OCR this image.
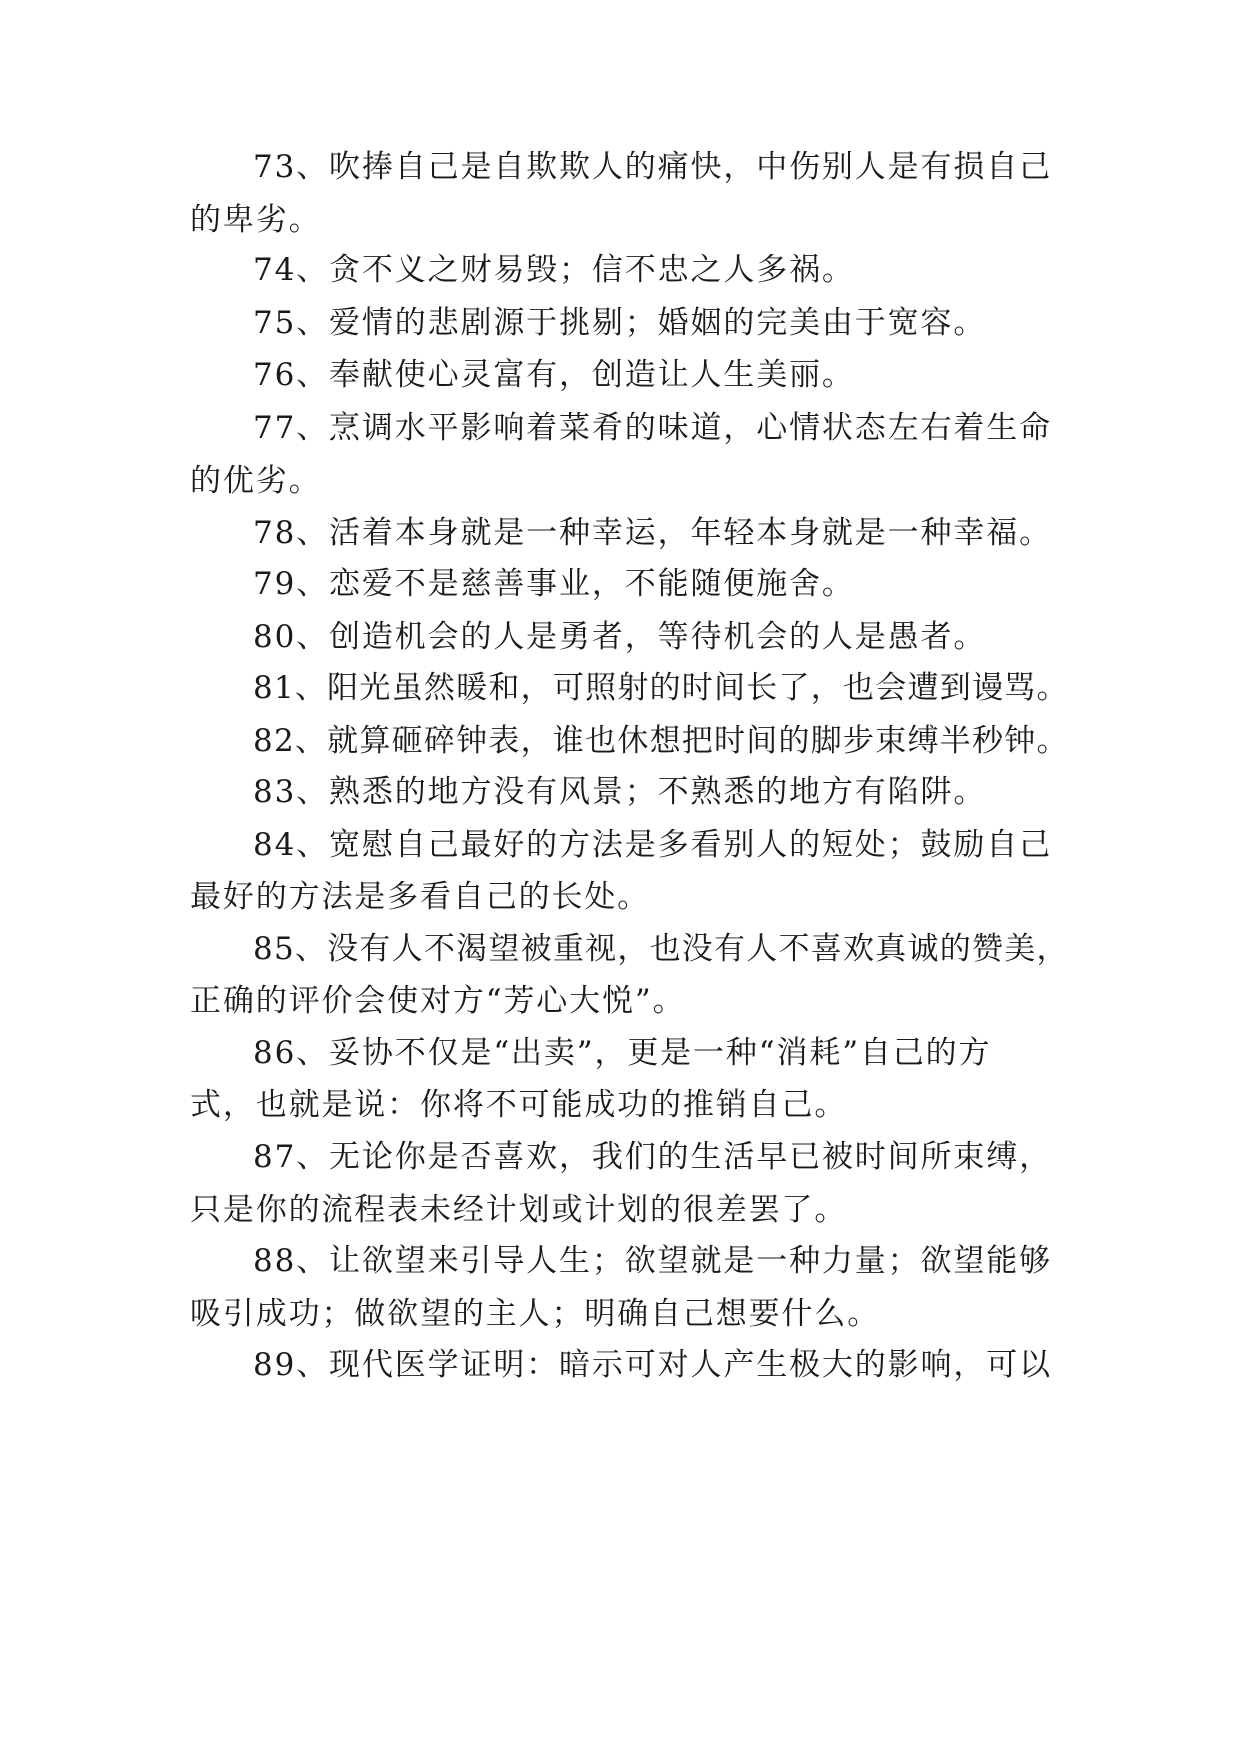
73、吹捧自己是自欺欺人的痛快，中伤别人是有损自己
的卑劣。
74、贪不义之财易毁；信不忠之人多祸。
75、爱情的悲剧源于挑剔；婚姻的完美由于宽容。
76、奉献使心灵富有，创造让人生美丽。
77、烹调水平影响着菜肴的味道，心情状态左右着生命
的优劣。
78、活着本身就是一种幸运，年轻本身就是一种幸福。
79、恋爱不是慈善事业，不能随便施舍。
80、创造机会的人是勇者，等待机会的人是愚者。
81、阳光虽然暖和，可照射的时间长了，也会遭到谩骂。
82、就算砸碎钟表，谁也休想把时间的脚步束缚半秒钟。
83、熟悉的地方没有风景；不熟悉的地方有陷阱。
84、宽慰自己最好的方法是多看别人的短处；鼓励自己
最好的方法是多看自己的长处。
85、没有人不渴望被重视，也没有人不喜欢真诚的赞美，
正确的评价会使对方“芳心大悦”。
86、妥协不仅是“出卖”，更是一种“消耗”自己的方
式，也就是说：你将不可能成功的推销自己。
87、无论你是否喜欢，我们的生活早已被时间所束缚，
只是你的流程表未经计划或计划的很差罢了。
88、让欲望来引导人生；欲望就是一种力量；欲望能够
吸引成功；做欲望的主人；明确自己想要什么。
89、现代医学证明：暗示可对人产生极大的影响，可以
